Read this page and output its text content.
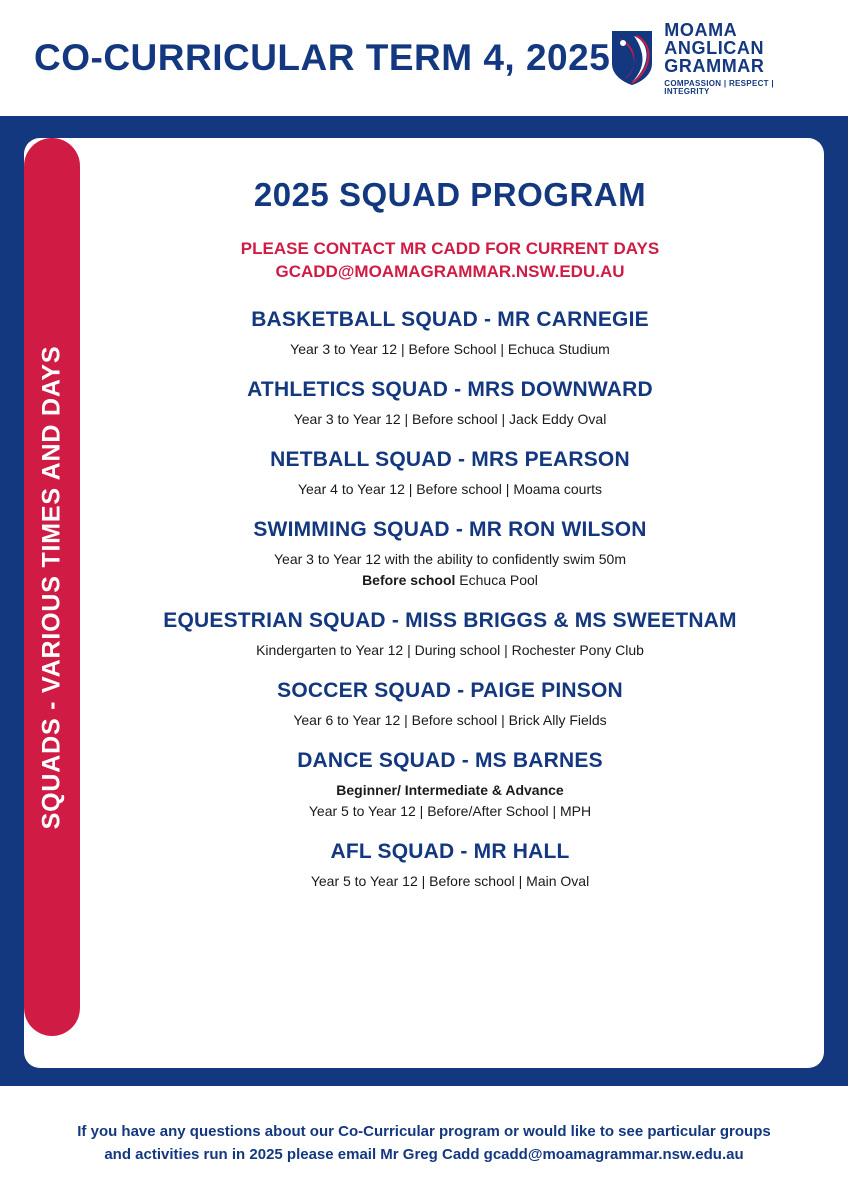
CO-CURRICULAR TERM 4, 2025
MOAMA
ANGLICAN
GRAMMAR
COMPASSION | RESPECT | INTEGRITY
SQUADS - VARIOUS TIMES AND DAYS
2025 SQUAD PROGRAM
PLEASE CONTACT MR CADD FOR CURRENT DAYS
GCADD@MOAMAGRAMMAR.NSW.EDU.AU
BASKETBALL SQUAD - MR CARNEGIE
Year 3 to Year 12 | Before School | Echuca Studium
ATHLETICS SQUAD - MRS DOWNWARD
Year 3 to Year 12 | Before school | Jack Eddy Oval
NETBALL SQUAD - MRS PEARSON
Year 4 to Year 12 | Before school | Moama courts
SWIMMING SQUAD - MR RON WILSON
Year 3 to Year 12 with the ability to confidently swim 50m
Before school Echuca Pool
EQUESTRIAN SQUAD - MISS BRIGGS & MS SWEETNAM
Kindergarten to Year 12 | During school | Rochester Pony Club
SOCCER SQUAD - PAIGE PINSON
Year 6 to Year 12 | Before school | Brick Ally Fields
DANCE SQUAD - MS BARNES
Beginner/ Intermediate & Advance
Year 5 to Year 12 | Before/After School | MPH
AFL SQUAD - MR HALL
Year 5 to Year 12 | Before school | Main Oval
If you have any questions about our Co-Curricular program or would like to see particular groups
and activities run in 2025 please email Mr Greg Cadd gcadd@moamagrammar.nsw.edu.au
